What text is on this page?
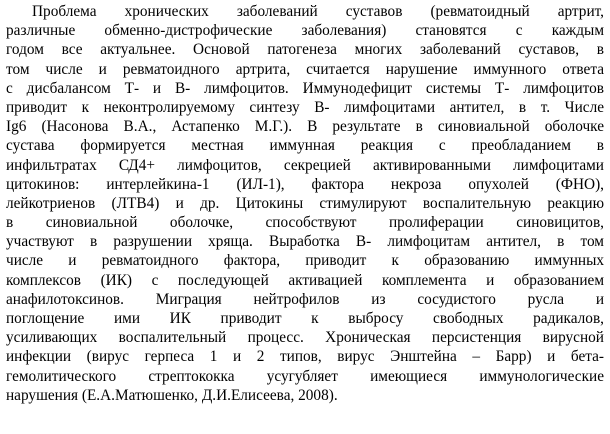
Проблема хронических заболеваний суставов (ревматоидный артрит,
различные обменно-дистрофические заболевания) становятся с каждым
годом все актуальнее. Основой патогенеза многих заболеваний суставов, в
том числе и ревматоидного артрита, считается нарушение иммунного ответа
с дисбалансом Т- и В- лимфоцитов. Иммунодефицит системы Т- лимфоцитов
приводит к неконтролируемому синтезу В- лимфоцитами антител, в т. Числе
Ig6 (Насонова В.А., Астапенко М.Г.). В результате в синовиальной оболочке
сустава формируется местная иммунная реакция с преобладанием в
инфильтратах СД4+ лимфоцитов, секрецией активированными лимфоцитами
цитокинов: интерлейкина-1 (ИЛ-1), фактора некроза опухолей (ФНО),
лейкотриенов (ЛТВ4) и др. Цитокины стимулируют воспалительную реакцию
в синовиальной оболочке, способствуют пролиферации синовицитов,
участвуют в разрушении хряща. Выработка В- лимфоцитам антител, в том
числе и ревматоидного фактора, приводит к образованию иммунных
комплексов (ИК) с последующей активацией комплемента и образованием
анафилотоксинов. Миграция нейтрофилов из сосудистого русла и
поглощение ими ИК приводит к выбросу свободных радикалов,
усиливающих воспалительный процесс. Хроническая персистенция вирусной
инфекции (вирус герпеса 1 и 2 типов, вирус Энштейна – Барр) и бета-
гемолитического стрептококка усугубляет имеющиеся иммунологические
нарушения (Е.А.Матюшенко, Д.И.Елисеева, 2008).
